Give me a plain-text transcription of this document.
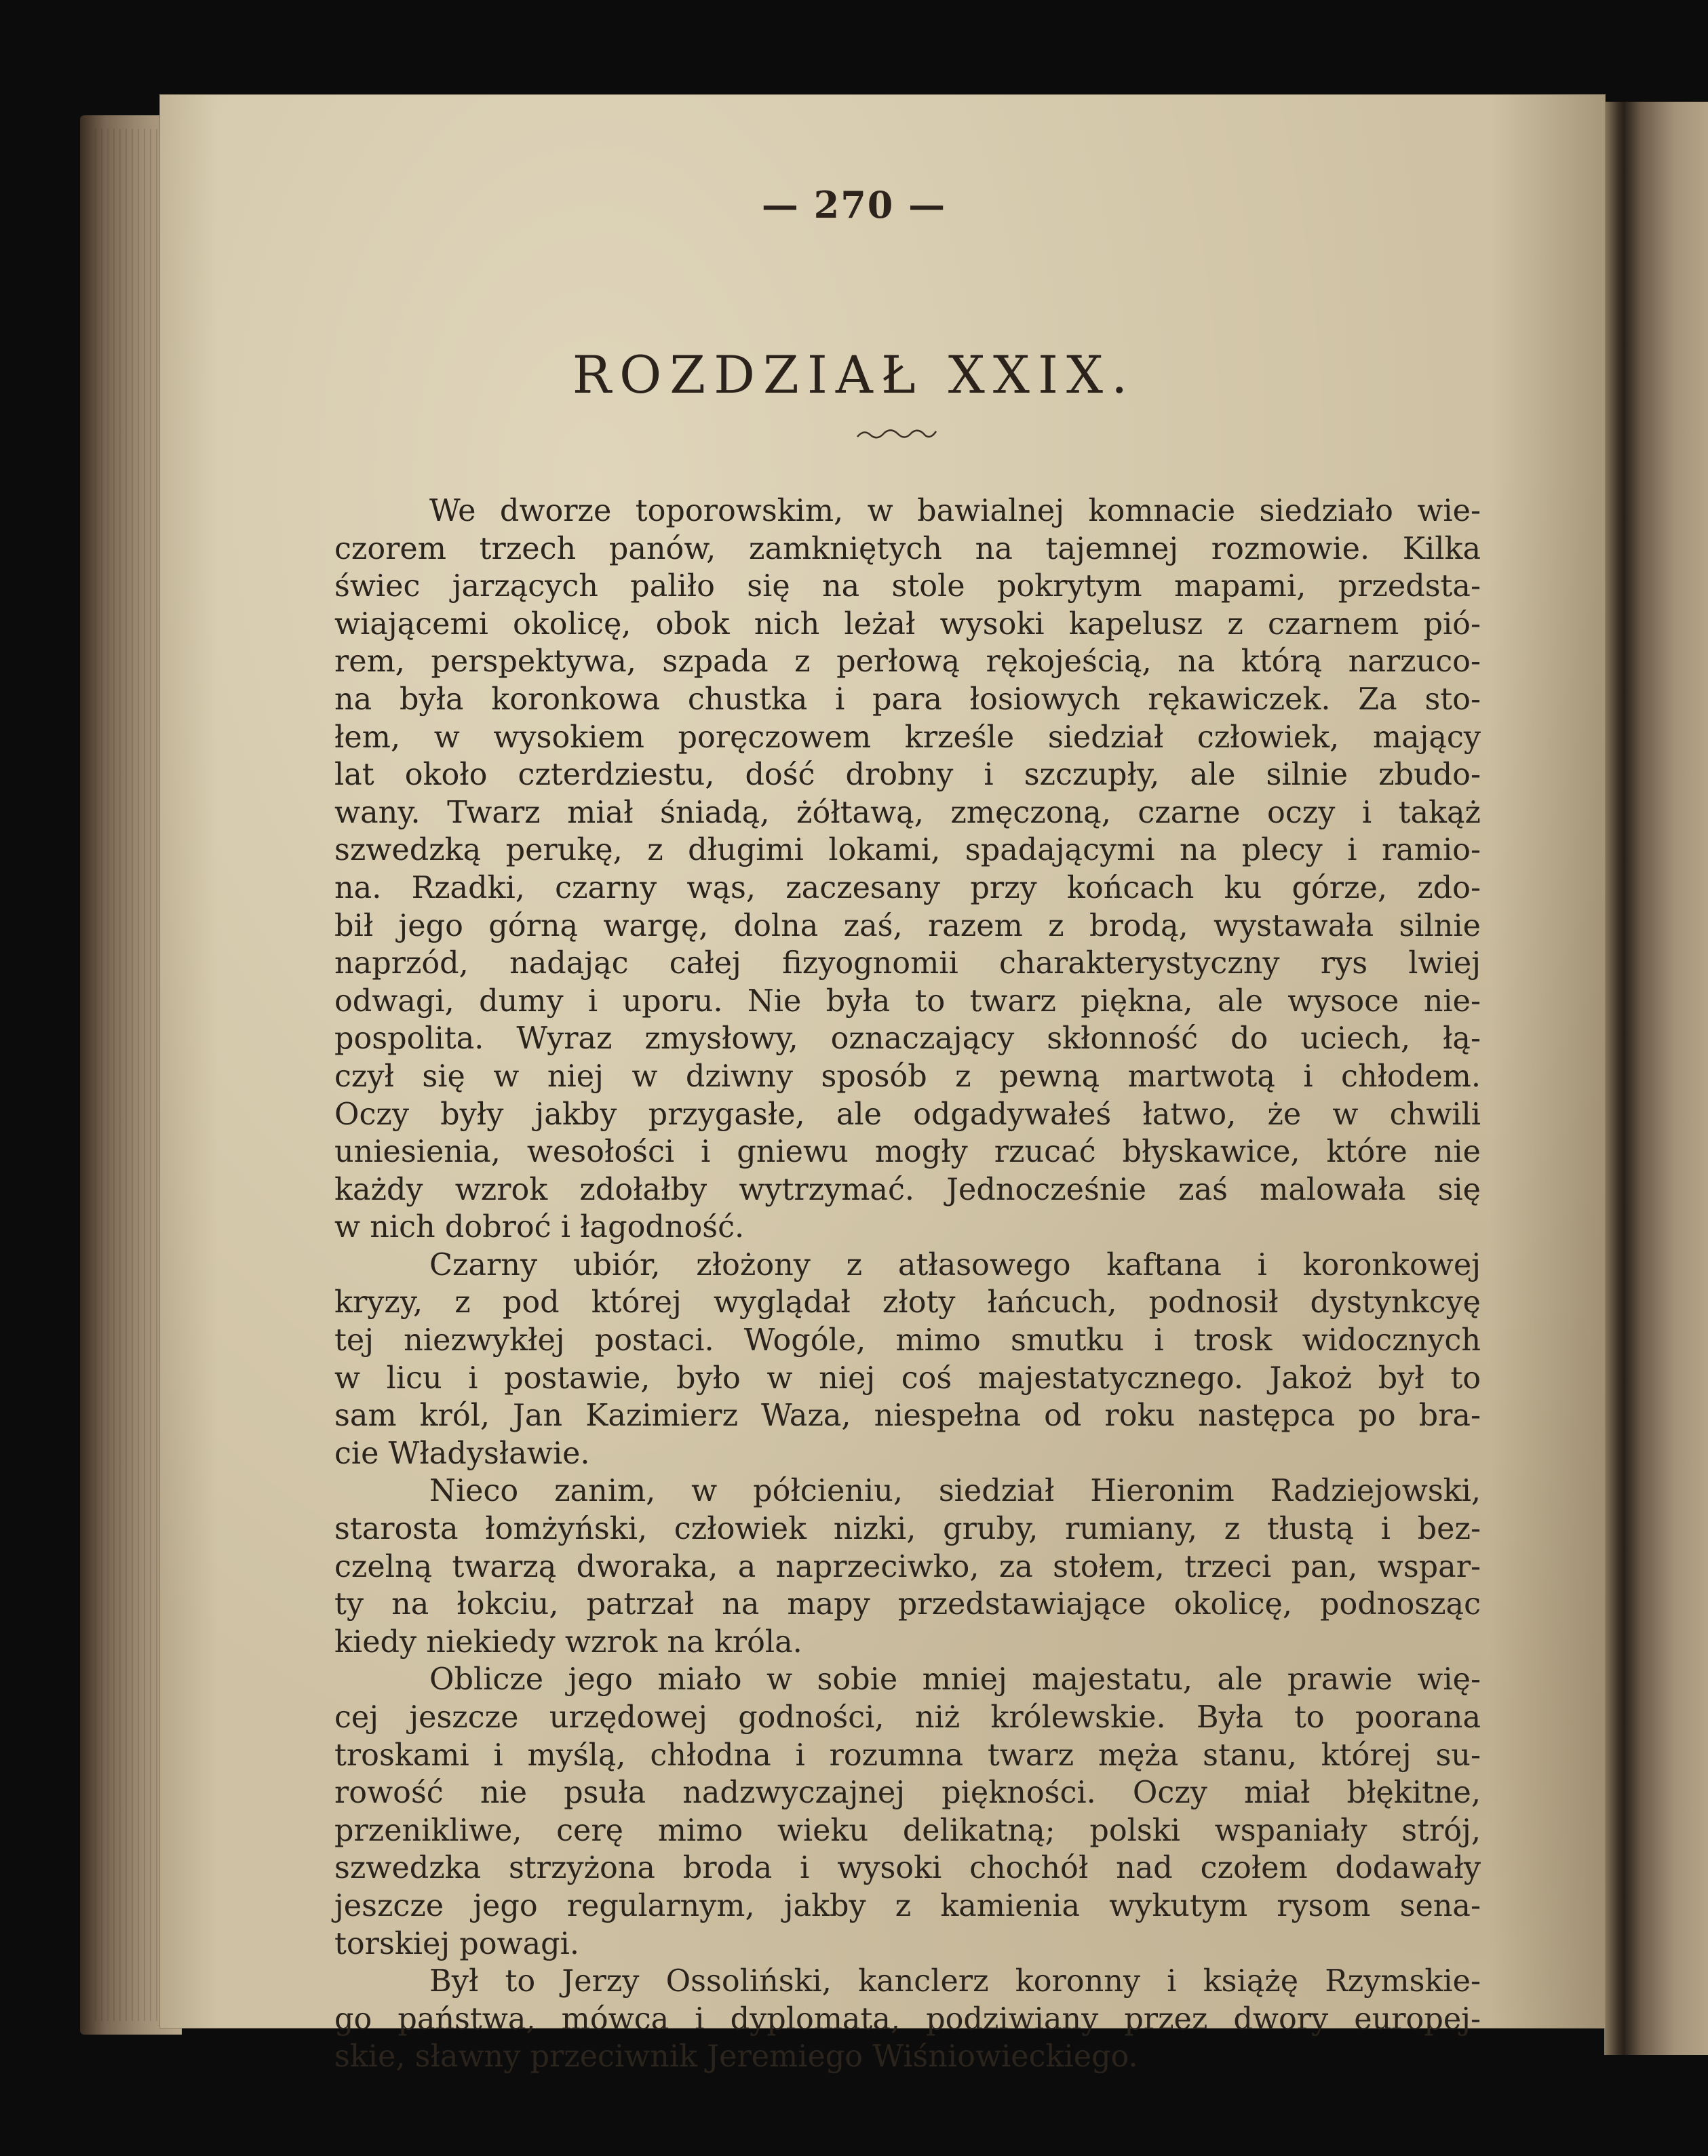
— 270 —
ROZDZIAŁ XXIX.
We dworze toporowskim, w bawialnej komnacie siedziało wie-
czorem trzech panów, zamkniętych na tajemnej rozmowie. Kilka
świec jarzących paliło się na stole pokrytym mapami, przedsta-
wiającemi okolicę, obok nich leżał wysoki kapelusz z czarnem pió-
rem, perspektywa, szpada z perłową rękojeścią, na którą narzuco-
na była koronkowa chustka i para łosiowych rękawiczek. Za sto-
łem, w wysokiem poręczowem krześle siedział człowiek, mający
lat około czterdziestu, dość drobny i szczupły, ale silnie zbudo-
wany. Twarz miał śniadą, żółtawą, zmęczoną, czarne oczy i takąż
szwedzką perukę, z długimi lokami, spadającymi na plecy i ramio-
na. Rzadki, czarny wąs, zaczesany przy końcach ku górze, zdo-
bił jego górną wargę, dolna zaś, razem z brodą, wystawała silnie
naprzód, nadając całej fizyognomii charakterystyczny rys lwiej
odwagi, dumy i uporu. Nie była to twarz piękna, ale wysoce nie-
pospolita. Wyraz zmysłowy, oznaczający skłonność do uciech, łą-
czył się w niej w dziwny sposób z pewną martwotą i chłodem.
Oczy były jakby przygasłe, ale odgadywałeś łatwo, że w chwili
uniesienia, wesołości i gniewu mogły rzucać błyskawice, które nie
każdy wzrok zdołałby wytrzymać. Jednocześnie zaś malowała się
w nich dobroć i łagodność.
Czarny ubiór, złożony z atłasowego kaftana i koronkowej
kryzy, z pod której wyglądał złoty łańcuch, podnosił dystynkcyę
tej niezwykłej postaci. Wogóle, mimo smutku i trosk widocznych
w licu i postawie, było w niej coś majestatycznego. Jakoż był to
sam król, Jan Kazimierz Waza, niespełna od roku następca po bra-
cie Władysławie.
Nieco zanim, w półcieniu, siedział Hieronim Radziejowski,
starosta łomżyński, człowiek nizki, gruby, rumiany, z tłustą i bez-
czelną twarzą dworaka, a naprzeciwko, za stołem, trzeci pan, wspar-
ty na łokciu, patrzał na mapy przedstawiające okolicę, podnosząc
kiedy niekiedy wzrok na króla.
Oblicze jego miało w sobie mniej majestatu, ale prawie wię-
cej jeszcze urzędowej godności, niż królewskie. Była to poorana
troskami i myślą, chłodna i rozumna twarz męża stanu, której su-
rowość nie psuła nadzwyczajnej piękności. Oczy miał błękitne,
przenikliwe, cerę mimo wieku delikatną; polski wspaniały strój,
szwedzka strzyżona broda i wysoki chochół nad czołem dodawały
jeszcze jego regularnym, jakby z kamienia wykutym rysom sena-
torskiej powagi.
Był to Jerzy Ossoliński, kanclerz koronny i książę Rzymskie-
go państwa, mówca i dyplomata, podziwiany przez dwory europej-
skie, sławny przeciwnik Jeremiego Wiśniowieckiego.
